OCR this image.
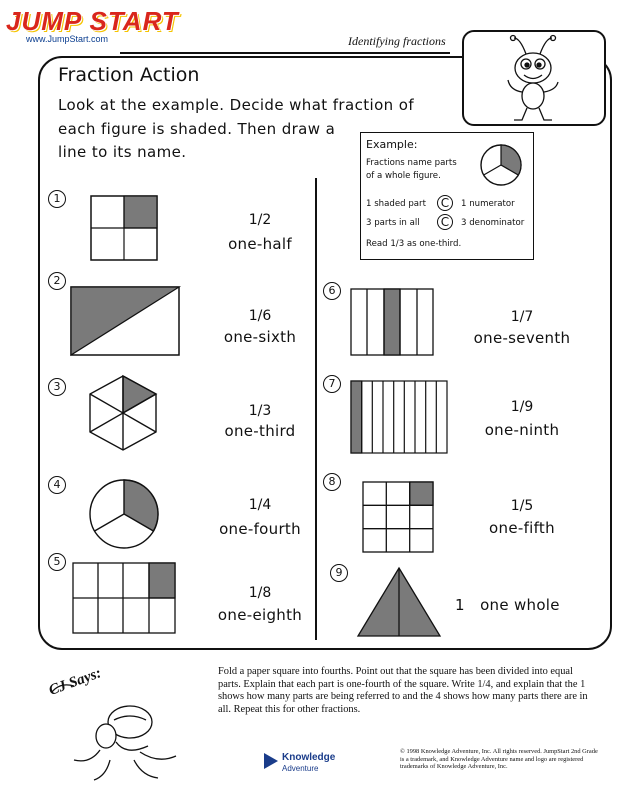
JUMP START
www.JumpStart.com	Identifying fractions
Fraction Action
Look at the example. Decide what fraction of
each figure is shaded. Then draw a
line to its name.	Example:
Fractions name parts
of a whole figure.
1 shaded part	C	1 numerator
3 parts in all	C	3 denominator
Read 1/3 as one-third.
1
2
3
4
5
6
7
8
9
1/2
one-half
1/6
one-sixth
1/3
one-third
1/4
one-fourth
1/8
one-eighth
1/7
one-seventh
1/9
one-ninth
1/5
one-fifth
1 one whole
CJ Says:	Fold a paper square into fourths. Point out that the square has been divided into equal parts. Explain that each part is one-fourth of the square. Write 1/4, and explain that the 1 shows how many parts are being referred to and the 4 shows how many parts there are in all. Repeat this for other fractions.
Knowledge
Adventure
© 1998 Knowledge Adventure, Inc. All rights reserved. JumpStart 2nd Grade is a trademark, and Knowledge Adventure name and logo are registered trademarks of Knowledge Adventure, Inc.
